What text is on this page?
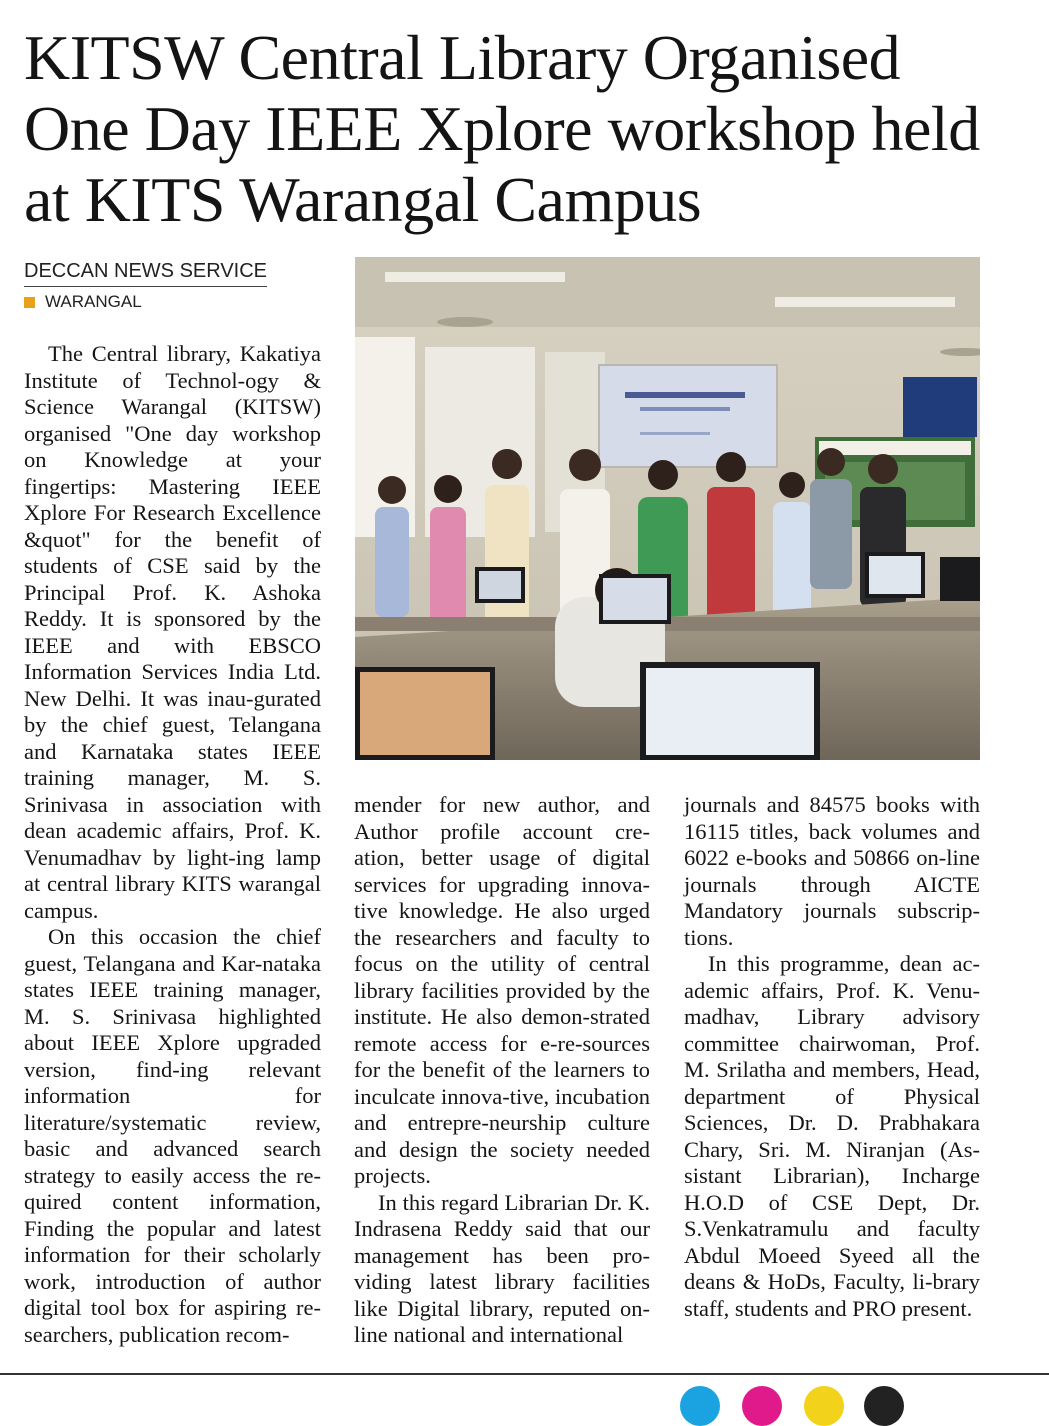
KITSW Central Library Organised
One Day IEEE Xplore workshop held
at KITS Warangal Campus
DECCAN NEWS SERVICE
WARANGAL

The Central library, Kakatiya Institute of Technol-ogy & Science Warangal (KITSW) organised "One day workshop on Knowledge at your fingertips: Mastering IEEE Xplore For Research Excellence &quot" for the benefit of students of CSE said by the Principal Prof. K. Ashoka Reddy. It is sponsored by the IEEE and with EBSCO Information Services India Ltd. New Delhi. It was inau-gurated by the chief guest, Telangana and Karnataka states IEEE training manager, M. S. Srinivasa in association with dean academic affairs, Prof. K. Venumadhav by light-ing lamp at central library KITS warangal campus.

On this occasion the chief guest, Telangana and Kar-nataka states IEEE training manager, M. S. Srinivasa highlighted about IEEE Xplore upgraded version, find-ing relevant information for literature/systematic review, basic and advanced search strategy to easily access the re-quired content information, Finding the popular and latest information for their scholarly work, introduction of author digital tool box for aspiring re-searchers, publication recom-

mender for new author, and Author profile account cre-ation, better usage of digital services for upgrading innova-tive knowledge. He also urged the researchers and faculty to focus on the utility of central library facilities provided by the institute. He also demon-strated remote access for e-re-sources for the benefit of the learners to inculcate innova-tive, incubation and entrepre-neurship culture and design the society needed projects.

In this regard Librarian Dr. K. Indrasena Reddy said that our management has been pro-viding latest library facilities like Digital library, reputed on-line national and international

journals and 84575 books with 16115 titles, back volumes and 6022 e-books and 50866 on-line journals through AICTE Mandatory journals subscrip-tions.

In this programme, dean ac-ademic affairs, Prof. K. Venu-madhav, Library advisory committee chairwoman, Prof. M. Srilatha and members, Head, department of Physical Sciences, Dr. D. Prabhakara Chary, Sri. M. Niranjan (As-sistant Librarian), Incharge H.O.D of CSE Dept, Dr. S.Venkatramulu and faculty Abdul Moeed Syeed all the deans & HoDs, Faculty, li-brary staff, students and PRO present.
